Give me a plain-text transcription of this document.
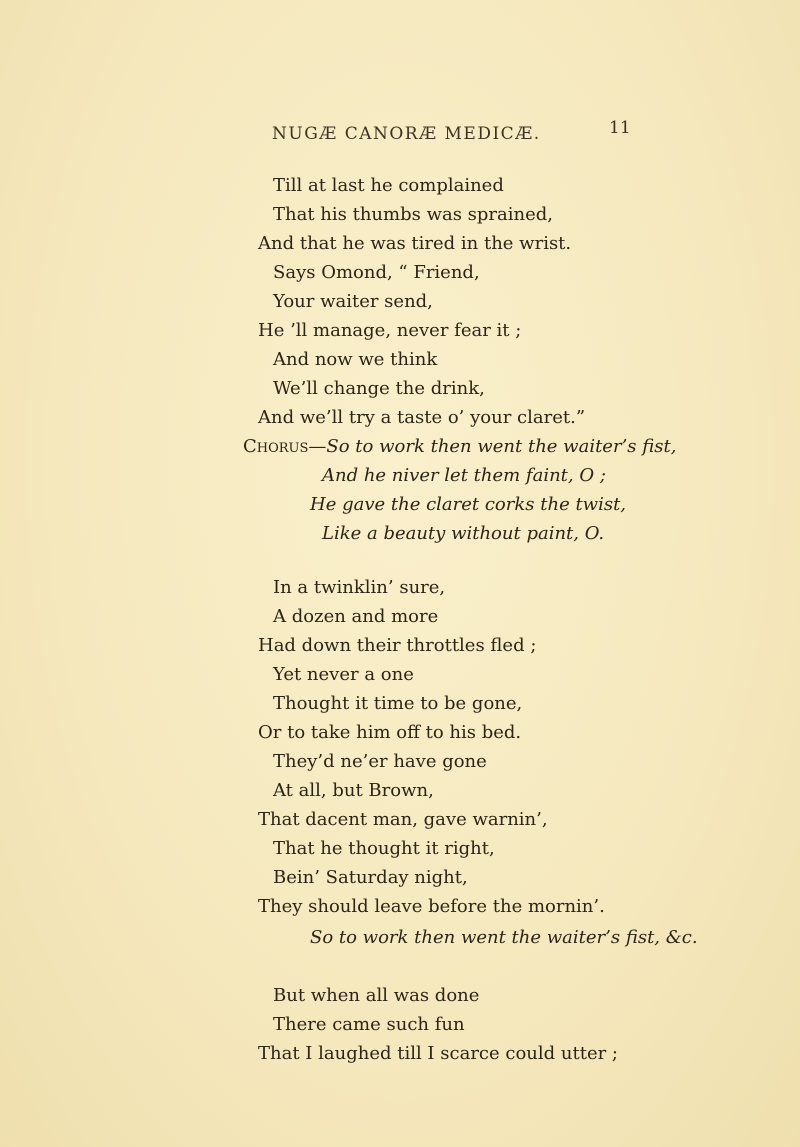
NUGÆ CANORÆ MEDICÆ.	11
Till at last he complained
That his thumbs was sprained,
And that he was tired in the wrist.
Says Omond, “ Friend,
Your waiter send,
He ’ll manage, never fear it ;
And now we think
We’ll change the drink,
And we’ll try a taste o’ your claret.”
Chorus—So to work then went the waiter’s fist,
And he niver let them faint, O ;
He gave the claret corks the twist,
Like a beauty without paint, O.
In a twinklin’ sure,
A dozen and more
Had down their throttles fled ;
Yet never a one
Thought it time to be gone,
Or to take him off to his bed.
They’d ne’er have gone
At all, but Brown,
That dacent man, gave warnin’,
That he thought it right,
Bein’ Saturday night,
They should leave before the mornin’.
So to work then went the waiter’s fist, &c.
But when all was done
There came such fun
That I laughed till I scarce could utter ;
